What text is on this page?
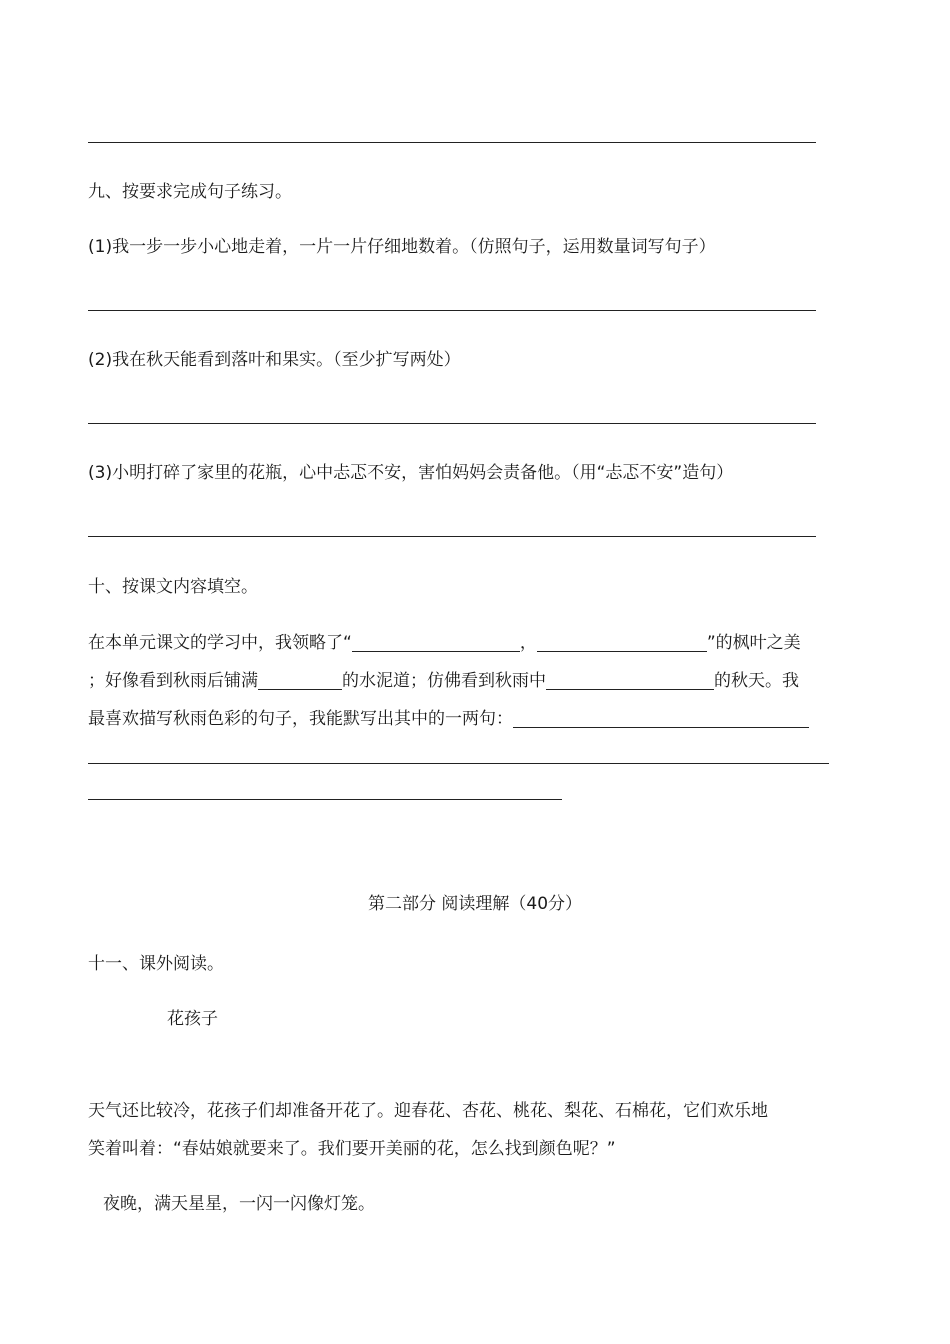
九、按要求完成句子练习。
(1)我一步一步小心地走着，一片一片仔细地数着。（仿照句子，运用数量词写句子）
(2)我在秋天能看到落叶和果实。（至少扩写两处）
(3)小明打碎了家里的花瓶，心中忐忑不安，害怕妈妈会责备他。（用“忐忑不安”造句）
十、按课文内容填空。
在本单元课文的学习中，我领略了“	，	”的枫叶之美
；好像看到秋雨后铺满	的水泥道；仿佛看到秋雨中	的秋天。我
最喜欢描写秋雨色彩的句子，我能默写出其中的一两句：
第二部分 阅读理解（40分）
十一、课外阅读。
花孩子
天气还比较冷，花孩子们却准备开花了。迎春花、杏花、桃花、梨花、石棉花，它们欢乐地
笑着叫着：“春姑娘就要来了。我们要开美丽的花，怎么找到颜色呢？”
夜晚，满天星星，一闪一闪像灯笼。
